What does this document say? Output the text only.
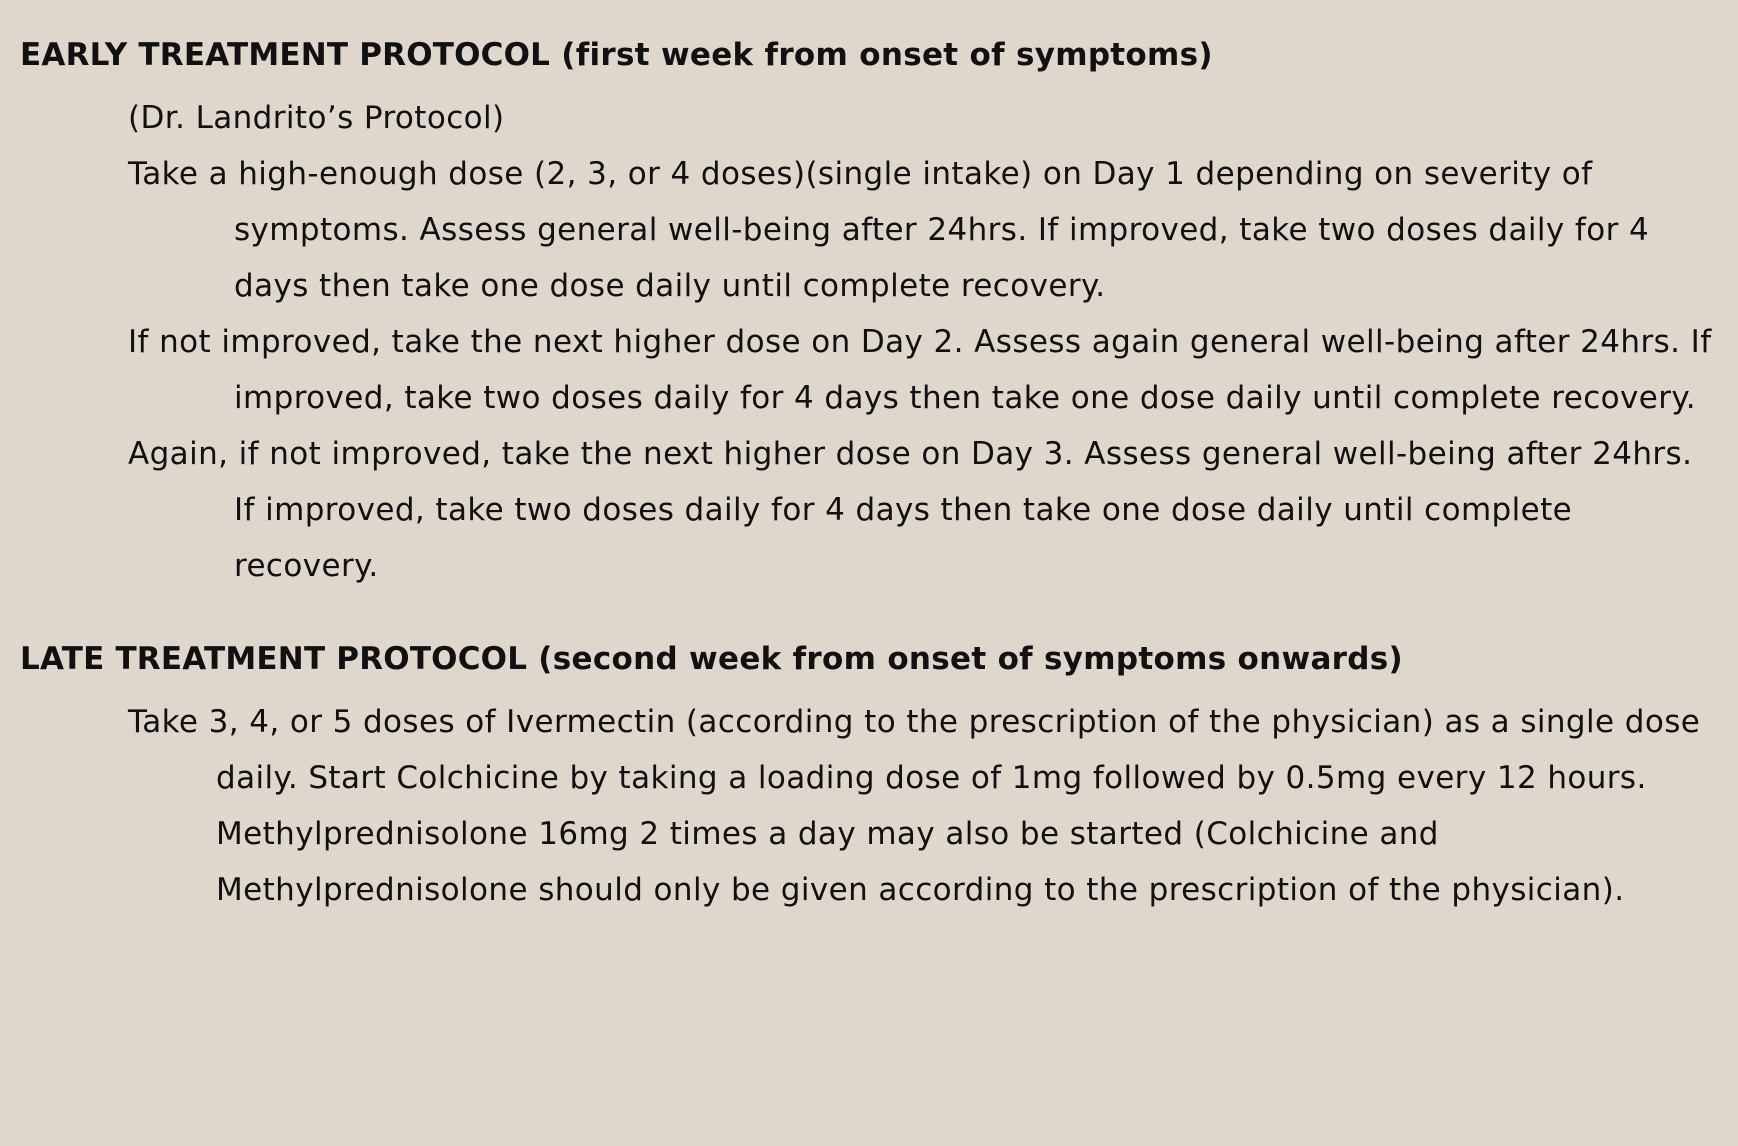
EARLY TREATMENT PROTOCOL (first week from onset of symptoms)

(Dr. Landrito’s Protocol)

Take a high-enough dose (2, 3, or 4 doses)(single intake) on Day 1 depending on severity of symptoms. Assess general well-being after 24hrs. If improved, take two doses daily for 4 days then take one dose daily until complete recovery.

If not improved, take the next higher dose on Day 2. Assess again general well-being after 24hrs. If improved, take two doses daily for 4 days then take one dose daily until complete recovery.

Again, if not improved, take the next higher dose on Day 3. Assess general well-being after 24hrs. If improved, take two doses daily for 4 days then take one dose daily until complete recovery.

LATE TREATMENT PROTOCOL (second week from onset of symptoms onwards)

Take 3, 4, or 5 doses of Ivermectin (according to the prescription of the physician) as a single dose daily. Start Colchicine by taking a loading dose of 1mg followed by 0.5mg every 12 hours. Methylprednisolone 16mg 2 times a day may also be started (Colchicine and Methylprednisolone should only be given according to the prescription of the physician).
